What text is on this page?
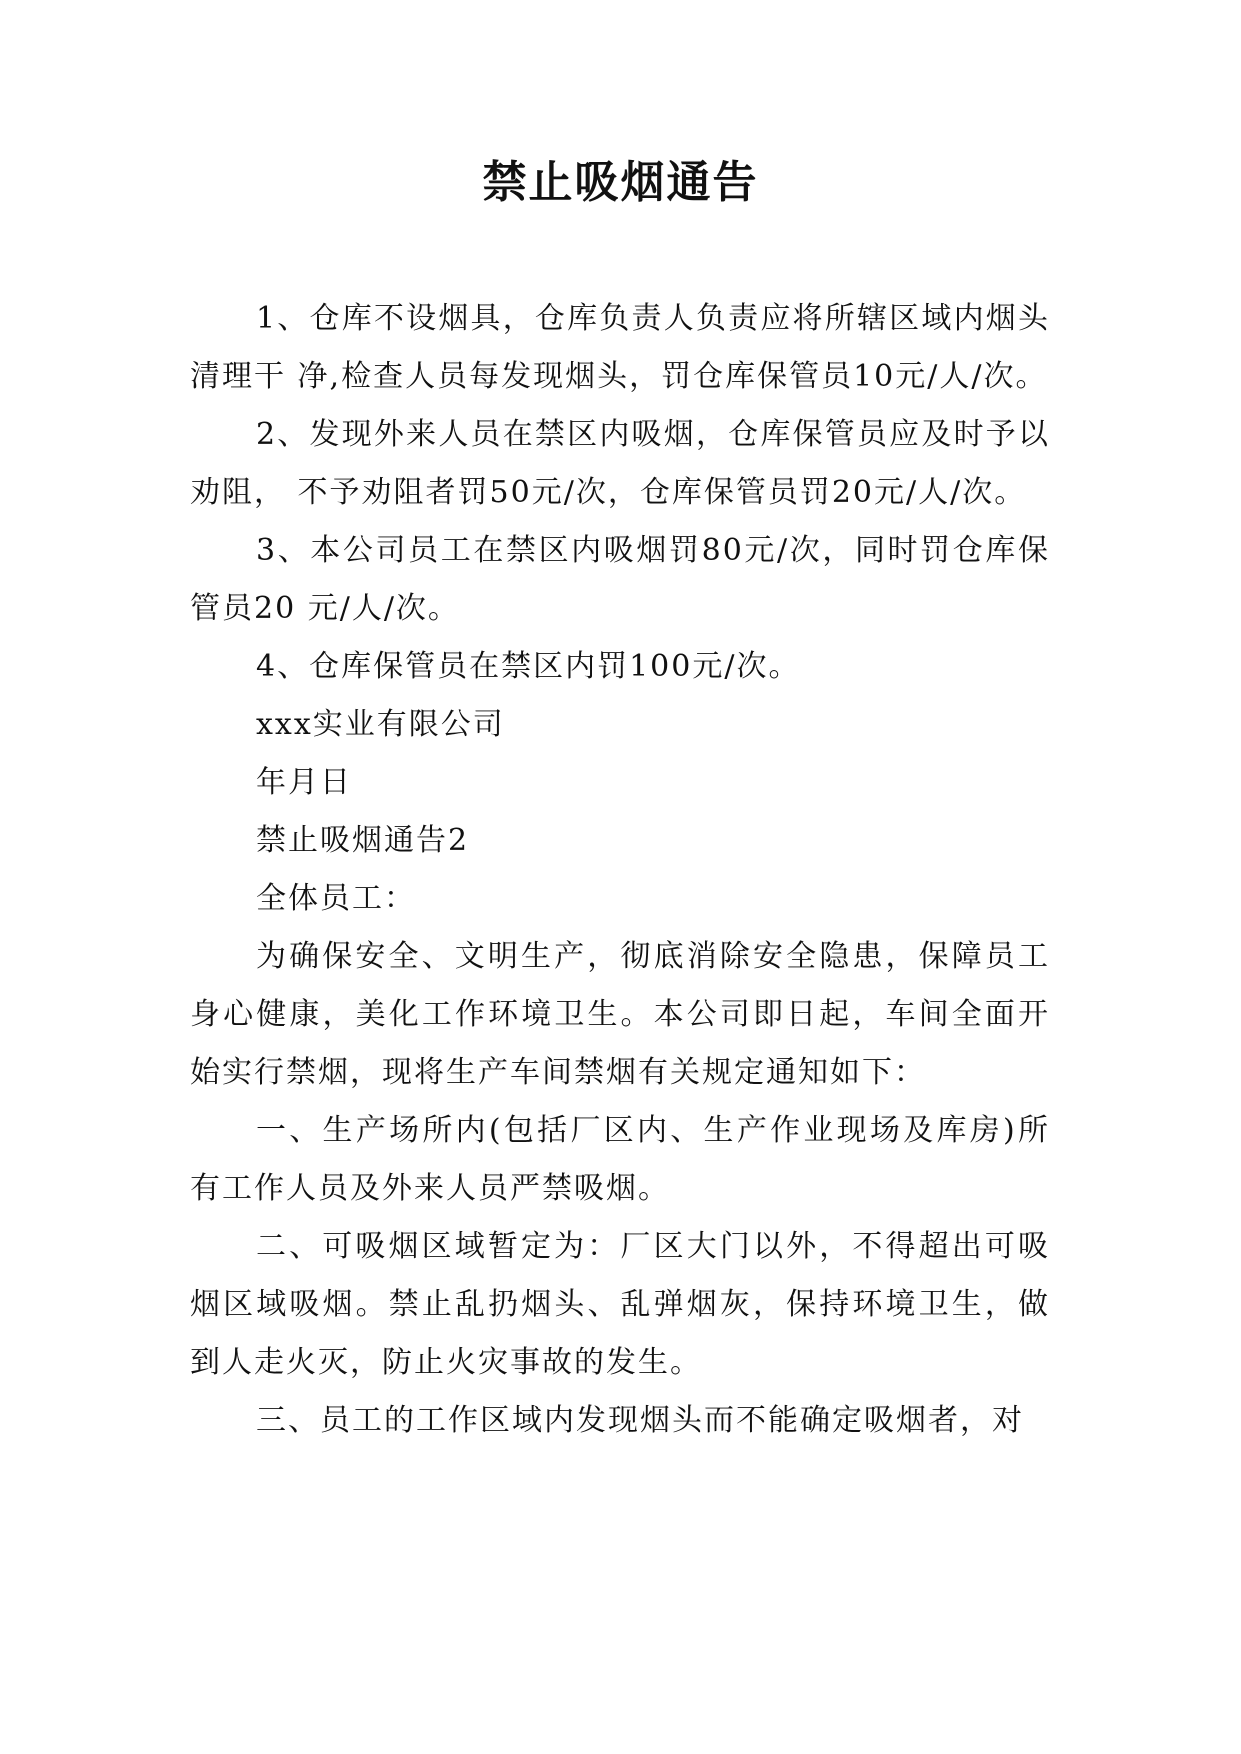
禁止吸烟通告

1、仓库不设烟具，仓库负责人负责应将所辖区域内烟头清理干 净,检查人员每发现烟头，罚仓库保管员10元/人/次。

2、发现外来人员在禁区内吸烟，仓库保管员应及时予以劝阻， 不予劝阻者罚50元/次，仓库保管员罚20元/人/次。

3、本公司员工在禁区内吸烟罚80元/次，同时罚仓库保管员20 元/人/次。

4、仓库保管员在禁区内罚100元/次。

xxx实业有限公司

年月日

禁止吸烟通告2

全体员工：

为确保安全、文明生产，彻底消除安全隐患，保障员工身心健康，美化工作环境卫生。本公司即日起，车间全面开始实行禁烟，现将生产车间禁烟有关规定通知如下：

一、生产场所内(包括厂区内、生产作业现场及库房)所有工作人员及外来人员严禁吸烟。

二、可吸烟区域暂定为：厂区大门以外，不得超出可吸烟区域吸烟。禁止乱扔烟头、乱弹烟灰，保持环境卫生，做到人走火灭，防止火灾事故的发生。

三、员工的工作区域内发现烟头而不能确定吸烟者，对
